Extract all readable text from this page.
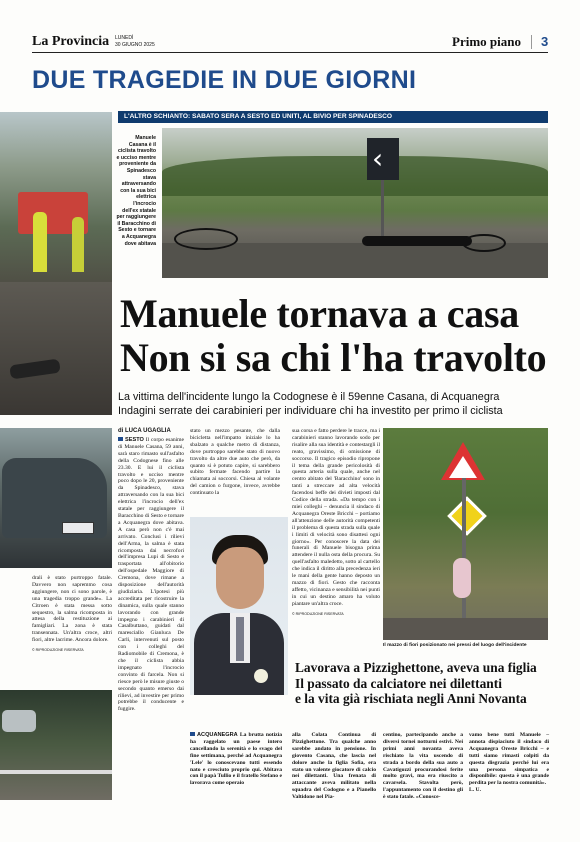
La Provincia LUNEDÌ
30 GIUGNO 2025	Primo piano 3
DUE TRAGEDIE IN DUE GIORNI
L'ALTRO SCHIANTO: SABATO SERA A SESTO ED UNITI, AL BIVIO PER SPINADESCO
Manuele Casana è il ciclista travolto e ucciso mentre proveniente da Spinadesco stava attraversando con la sua bici elettrica l'incrocio dell'ex statale per raggiungere il Baracchino di Sesto e tornare a Acquanegra dove abitava
‹
Manuele tornava a casa
Non si sa chi l'ha travolto
La vittima dell'incidente lungo la Codognese è il 59enne Casana, di Acquanegra
Indagini serrate dei carabinieri per individuare chi ha investito per primo il ciclista
di LUCA UGAGLIA

SESTO Il corpo esanime di Manuele Casana, 59 anni, sarà staro rimasto sull'asfalto della Codognese fino alle 23.30. E lui il ciclista travolto e ucciso mentre poco dopo le 20, proveniente da Spinadesco, stava attraversando con la sua bici elettrica l'incrocio dell'ex statale per raggiungere il Baracchino di Sesto e tornare a Acquanegra dove abitava. A casa però non c'è mai arrivato. Conclusi i rilievi dell'Arma, la salma è stata ricomposta dai necrofori dell'impresa Lupi di Sesto e trasportata all'obitorio dell'ospedale Maggiore di Cremona, dove rimane a disposizione dell'autorità giudiziaria. L'ipotesi più accreditata per ricostruire la dinamica, sulla quale stanno lavorando con grande impegno i carabinieri di Casalbuttano, guidati dal maresciallo Gianluca De Carli, intervenuti sul posto con i colleghi del Radiomobile di Cremona, è che il ciclista abbia impegnato l'incrocio convinto di farcela. Non si riesce però le misure giuste o secondo quanto emerso dai rilievi, ad investire per primo potrebbe il conducente e fuggire.

drali è stato purtroppo fatale. Davvero non sapremmo cosa aggiungere, non ci sono parole, è una tragedia troppo grande». La Citroen è stata messa sotto sequestro, la salma ricomposta in attesa della restituzione ai famigliari. La zona è stata transennata. Un'altra croce, altri fiori, altre lacrime. Ancora dolore.

© RIPRODUZIONE RISERVATA

stato un mezzo pesante, che dalla bicicletta nell'impatto iniziale lo ha sbalzato a qualche metro di distanza, dove purtroppo sarebbe stato di nuovo travolto da altre due auto che però, da quanto si è potuto capire, si sarebbero subito fermate facendo partire la chiamata ai soccorsi. Chiesa al volante del camion o furgone, invece, avrebbe continuato la

sua corsa e fatto perdere le tracce, ma i carabinieri stanno lavorando sodo per risalire alla sua identità e contestargli il reato, gravissimo, di omissione di soccorso. Il tragico episodio ripropone il tema della grande pericolosità di questa arteria sulla quale, anche nel centro abitato del 'Baracchino' sono in tanti a streccare ad alta velocità facendosi beffe dei divieti imposti dal Codice della strada. «Da tempo con i miei colleghi – denuncia il sindaco di Acquanegra Oreste Bricchi – portiamo all'attenzione delle autorità competenti il problema di questa strada sulla quale i limiti di velocità sono disattesi ogni giorno». Per conoscere la data dei funerali di Manuele bisogna prima attendere il nulla osta della procura. Su quell'asfalto maledetto, sotto al cartello che indica il diritto alla precedenza ieri le mani della gente hanno deposto un mazzo di fiori. Gesto che racconta affetto, vicinanza e sensibilità nei punti in cui un destino amaro ha voluto piantare un'altra croce.

© RIPRODUZIONE RISERVATA

Il mazzo di fiori posizionato nei pressi del luogo dell'incidente
Lavorava a Pizzighettone, aveva una figlia
Il passato da calciatore nei dilettanti
e la vita già rischiata negli Anni Novanta

ACQUANEGRA La brutta notizia ha raggelato un paese intero cancellando la serenità e lo svago del fine settimana, perché ad Acquanegra 'Lele' lo conoscevano tutti essendo nato e cresciuto proprio qui. Abitava con il papà Tullio e il fratello Stefano e lavorava come operaio

alla Colata Continua di Pizzighettone. Tra qualche anno sarebbe andato in pensione. In giovento Casana, che lascia nel dolore anche la figlia Sofia, era stato un valente giocatore di calcio nei dilettanti. Una frenata di attaccante aveva militato nella squadra del Codogno e a Pianello Valtidone nel Pia-

centino, partecipando anche a diversi tornei notturni estivi. Nei primi anni novanta aveva rischiato la vita uscendo di strada a bordo della sua auto a Cavatigozzi procurandosi ferite molto gravi, ma era riuscito a cavarsela. Stavolta però, l'appuntamento con il destino gli è stato fatale. «Conosce-

vamo bene tutti Manuele – annota dispiaciuto il sindaco di Acquanegra Oreste Bricchi – e tutti siamo rimasti colpiti da questa disgrazia perché lui era una persona simpatica e disponibile: questa è una grande perdita per la nostra comunità».

L. U.
